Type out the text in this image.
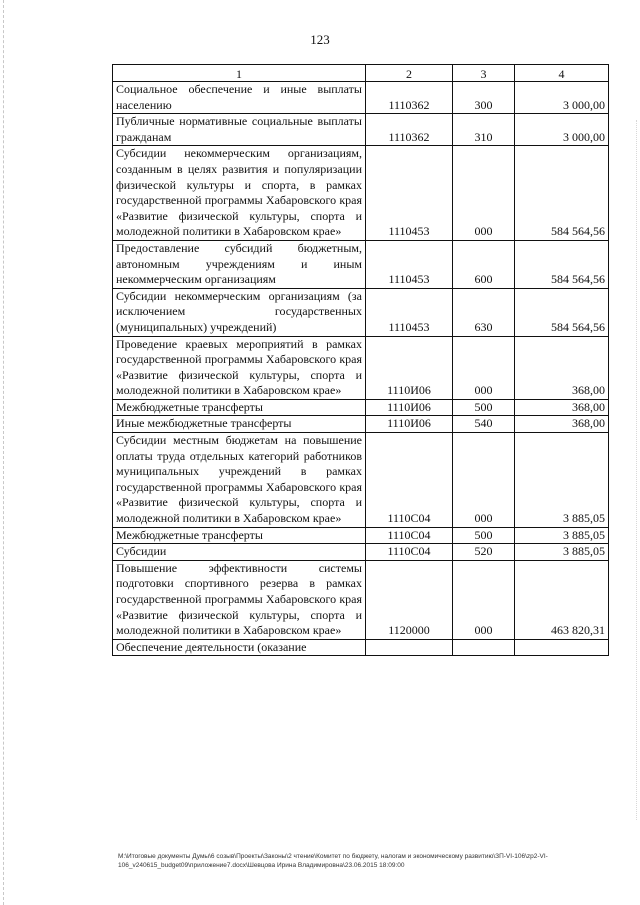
123
1	2	3	4
Социальное обеспечение и иные выплаты населению	1110362	300	3 000,00
Публичные нормативные социальные выплаты гражданам	1110362	310	3 000,00
Субсидии некоммерческим организациям, созданным в целях развития и популяризации физической культуры и спорта, в рамках государственной программы Хабаровского края «Развитие физической культуры, спорта и молодежной политики в Хабаровском крае»	1110453	000	584 564,56
Предоставление субсидий бюджетным, автономным учреждениям и иным некоммерческим организациям	1110453	600	584 564,56
Субсидии некоммерческим организациям (за исключением государственных (муниципальных) учреждений)	1110453	630	584 564,56
Проведение краевых мероприятий в рамках государственной программы Хабаровского края «Развитие физической культуры, спорта и молодежной политики в Хабаровском крае»	1110И06	000	368,00
Межбюджетные трансферты	1110И06	500	368,00
Иные межбюджетные трансферты	1110И06	540	368,00
Субсидии местным бюджетам на повышение оплаты труда отдельных категорий работников муниципальных учреждений в рамках государственной программы Хабаровского края «Развитие физической культуры, спорта и молодежной политики в Хабаровском крае»	1110С04	000	3 885,05
Межбюджетные трансферты	1110С04	500	3 885,05
Субсидии	1110С04	520	3 885,05
Повышение эффективности системы подготовки спортивного резерва в рамках государственной программы Хабаровского края «Развитие физической культуры, спорта и молодежной политики в Хабаровском крае»	1120000	000	463 820,31
Обеспечение деятельности (оказание			
M:\Итоговые документы Думы\6 созыв\Проекты\Законы\2 чтение\Комитет по бюджету, налогам и экономическому развитию\ЗП-VI-106\zp2-VI-
106_v240615_budget09\приложение7.docx\Шевцова Ирина Владимировна\23.06.2015 18:09:00
